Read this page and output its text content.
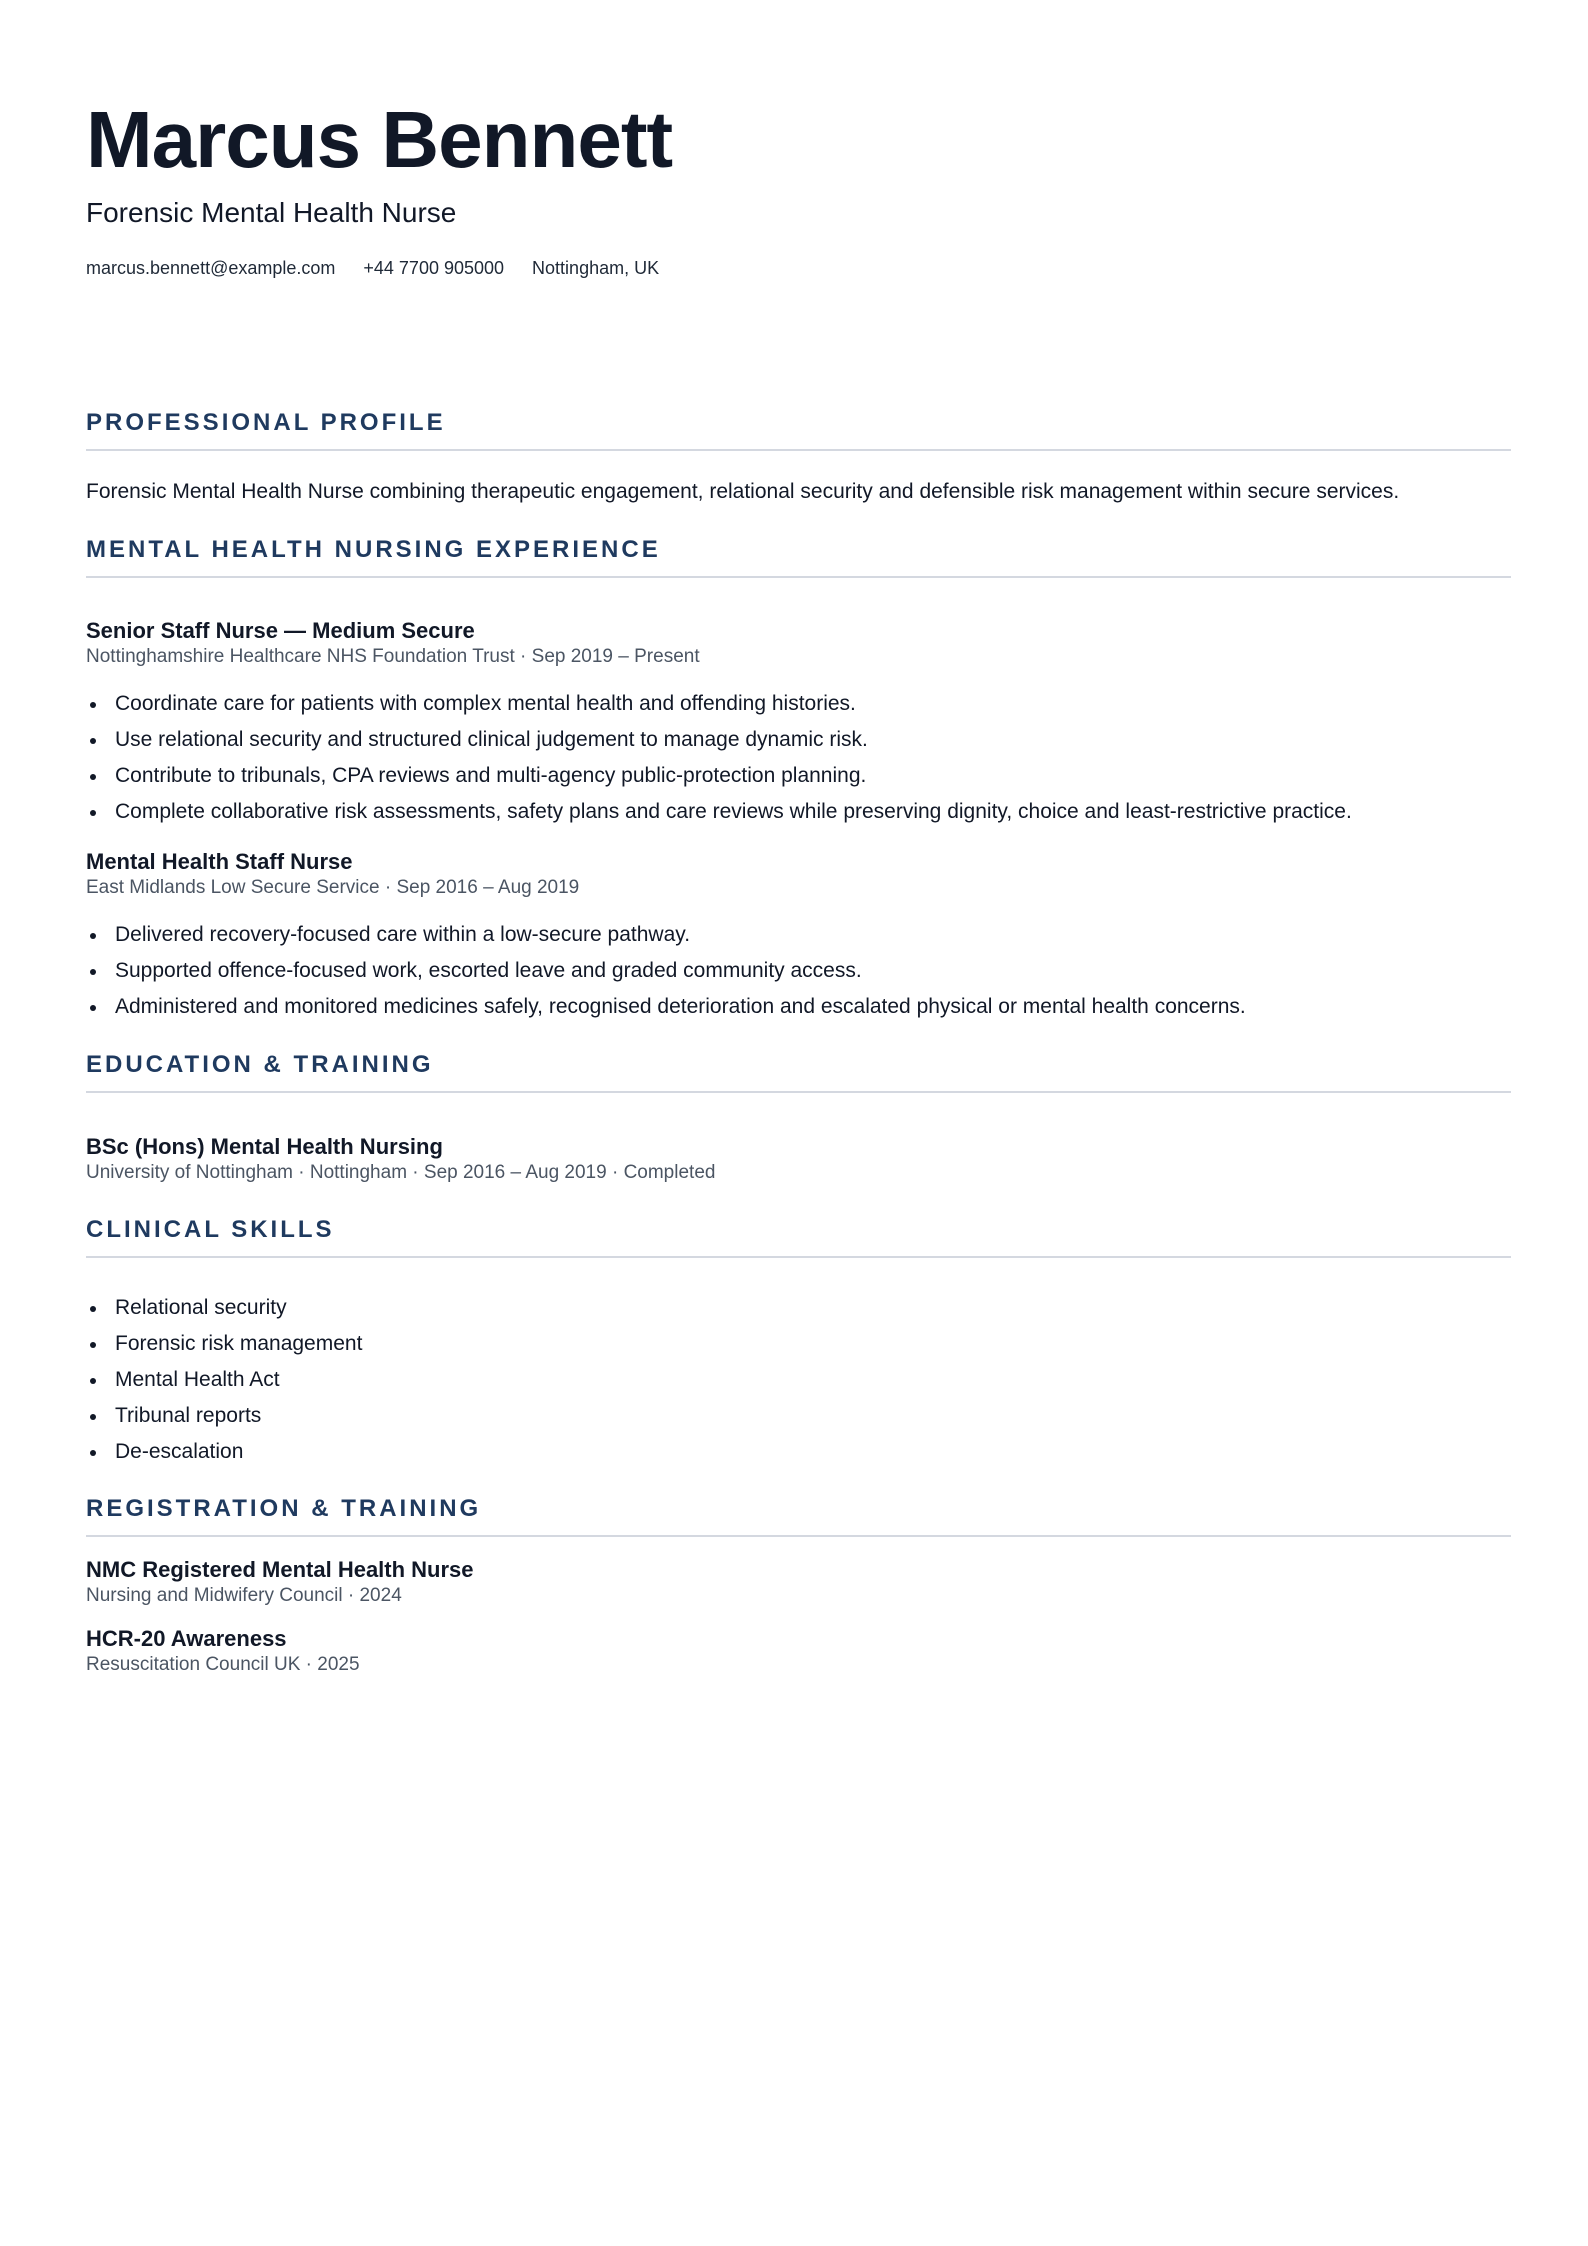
Marcus Bennett
Forensic Mental Health Nurse
marcus.bennett@example.com +44 7700 905000 Nottingham, UK
PROFESSIONAL PROFILE

Forensic Mental Health Nurse combining therapeutic engagement, relational security and defensible risk management within secure services.

MENTAL HEALTH NURSING EXPERIENCE
Senior Staff Nurse — Medium Secure
Nottinghamshire Healthcare NHS Foundation Trust · Sep 2019 – Present
Coordinate care for patients with complex mental health and offending histories.
Use relational security and structured clinical judgement to manage dynamic risk.
Contribute to tribunals, CPA reviews and multi-agency public-protection planning.
Complete collaborative risk assessments, safety plans and care reviews while preserving dignity, choice and least-restrictive practice.
Mental Health Staff Nurse
East Midlands Low Secure Service · Sep 2016 – Aug 2019
Delivered recovery-focused care within a low-secure pathway.
Supported offence-focused work, escorted leave and graded community access.
Administered and monitored medicines safely, recognised deterioration and escalated physical or mental health concerns.
EDUCATION & TRAINING
BSc (Hons) Mental Health Nursing
University of Nottingham · Nottingham · Sep 2016 – Aug 2019 · Completed
CLINICAL SKILLS
Relational security
Forensic risk management
Mental Health Act
Tribunal reports
De-escalation
REGISTRATION & TRAINING
NMC Registered Mental Health Nurse
Nursing and Midwifery Council · 2024
HCR-20 Awareness
Resuscitation Council UK · 2025
